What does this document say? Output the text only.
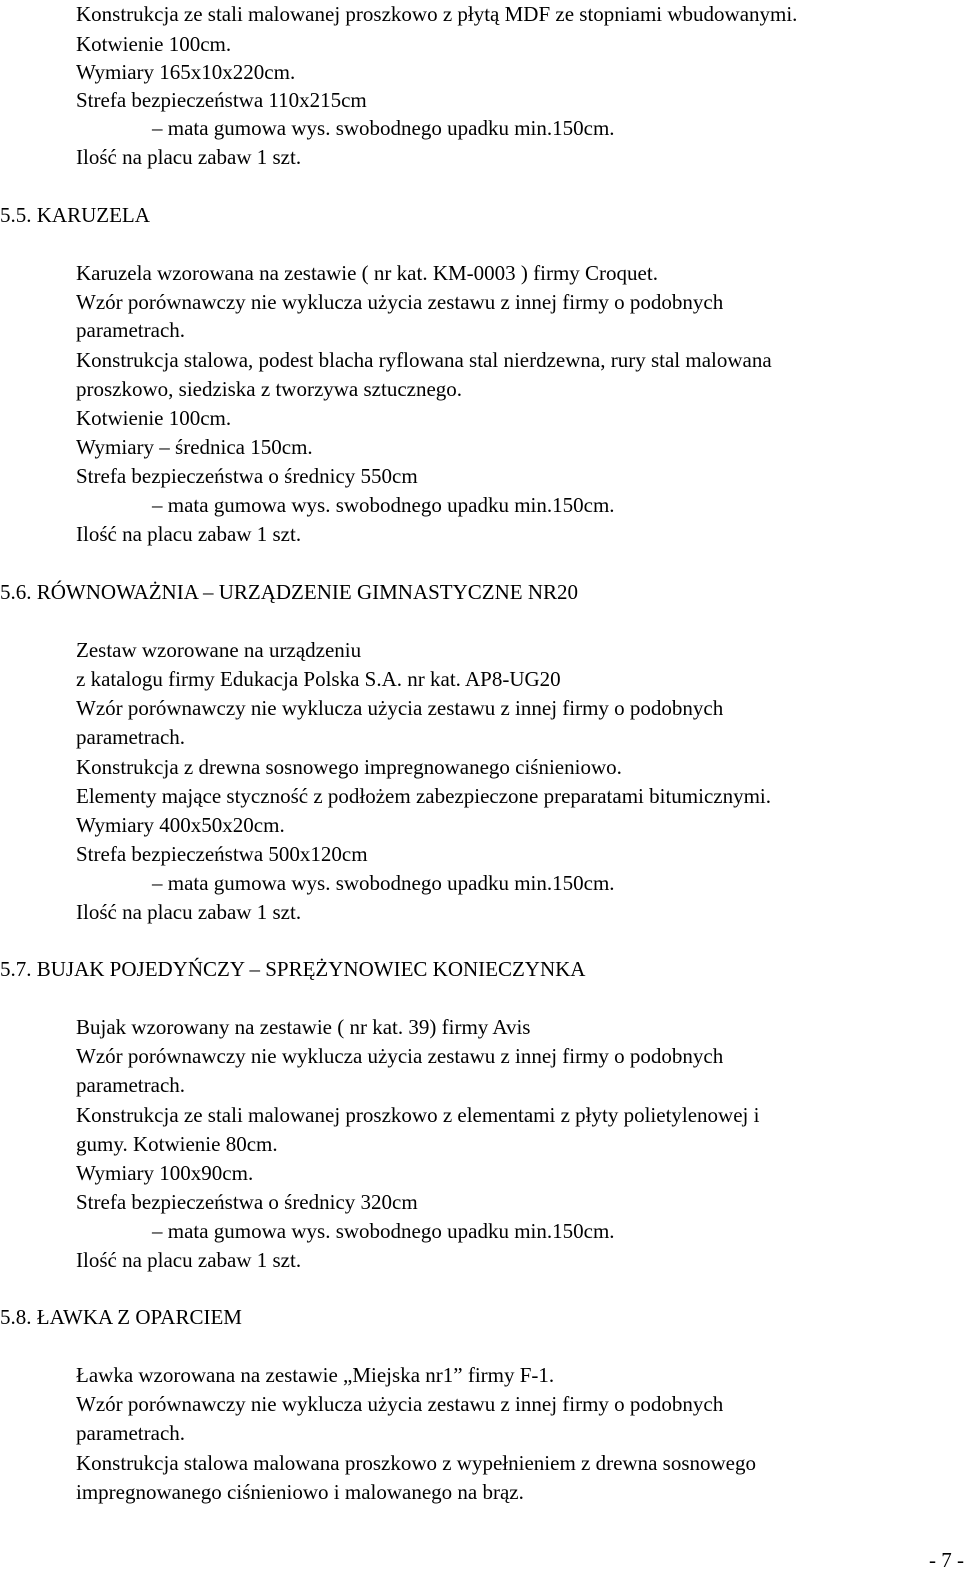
Konstrukcja ze stali malowanej proszkowo z płytą MDF ze stopniami wbudowanymi.
Kotwienie 100cm.
Wymiary 165x10x220cm.
Strefa bezpieczeństwa 110x215cm
– mata gumowa wys. swobodnego upadku min.150cm.
Ilość na placu zabaw 1 szt.
5.5. KARUZELA
Karuzela wzorowana na zestawie ( nr kat. KM-0003 ) firmy Croquet.
Wzór porównawczy nie wyklucza użycia zestawu z innej firmy o podobnych
parametrach.
Konstrukcja stalowa, podest blacha ryflowana stal nierdzewna, rury stal malowana
proszkowo, siedziska z tworzywa sztucznego.
Kotwienie 100cm.
Wymiary – średnica 150cm.
Strefa bezpieczeństwa o średnicy 550cm
– mata gumowa wys. swobodnego upadku min.150cm.
Ilość na placu zabaw 1 szt.
5.6. RÓWNOWAŻNIA – URZĄDZENIE GIMNASTYCZNE NR20
Zestaw wzorowane na urządzeniu
z katalogu firmy Edukacja Polska S.A. nr kat. AP8-UG20
Wzór porównawczy nie wyklucza użycia zestawu z innej firmy o podobnych
parametrach.
Konstrukcja z drewna sosnowego impregnowanego ciśnieniowo.
Elementy mające styczność z podłożem zabezpieczone preparatami bitumicznymi.
Wymiary 400x50x20cm.
Strefa bezpieczeństwa 500x120cm
– mata gumowa wys. swobodnego upadku min.150cm.
Ilość na placu zabaw 1 szt.
5.7. BUJAK POJEDYŃCZY – SPRĘŻYNOWIEC KONIECZYNKA
Bujak wzorowany na zestawie ( nr kat. 39) firmy Avis
Wzór porównawczy nie wyklucza użycia zestawu z innej firmy o podobnych
parametrach.
Konstrukcja ze stali malowanej proszkowo z elementami z płyty polietylenowej i
gumy. Kotwienie 80cm.
Wymiary 100x90cm.
Strefa bezpieczeństwa o średnicy 320cm
– mata gumowa wys. swobodnego upadku min.150cm.
Ilość na placu zabaw 1 szt.
5.8. ŁAWKA Z OPARCIEM
Ławka wzorowana na zestawie „Miejska nr1” firmy F-1.
Wzór porównawczy nie wyklucza użycia zestawu z innej firmy o podobnych
parametrach.
Konstrukcja stalowa malowana proszkowo z wypełnieniem z drewna sosnowego
impregnowanego ciśnieniowo i malowanego na brąz.
- 7 -
